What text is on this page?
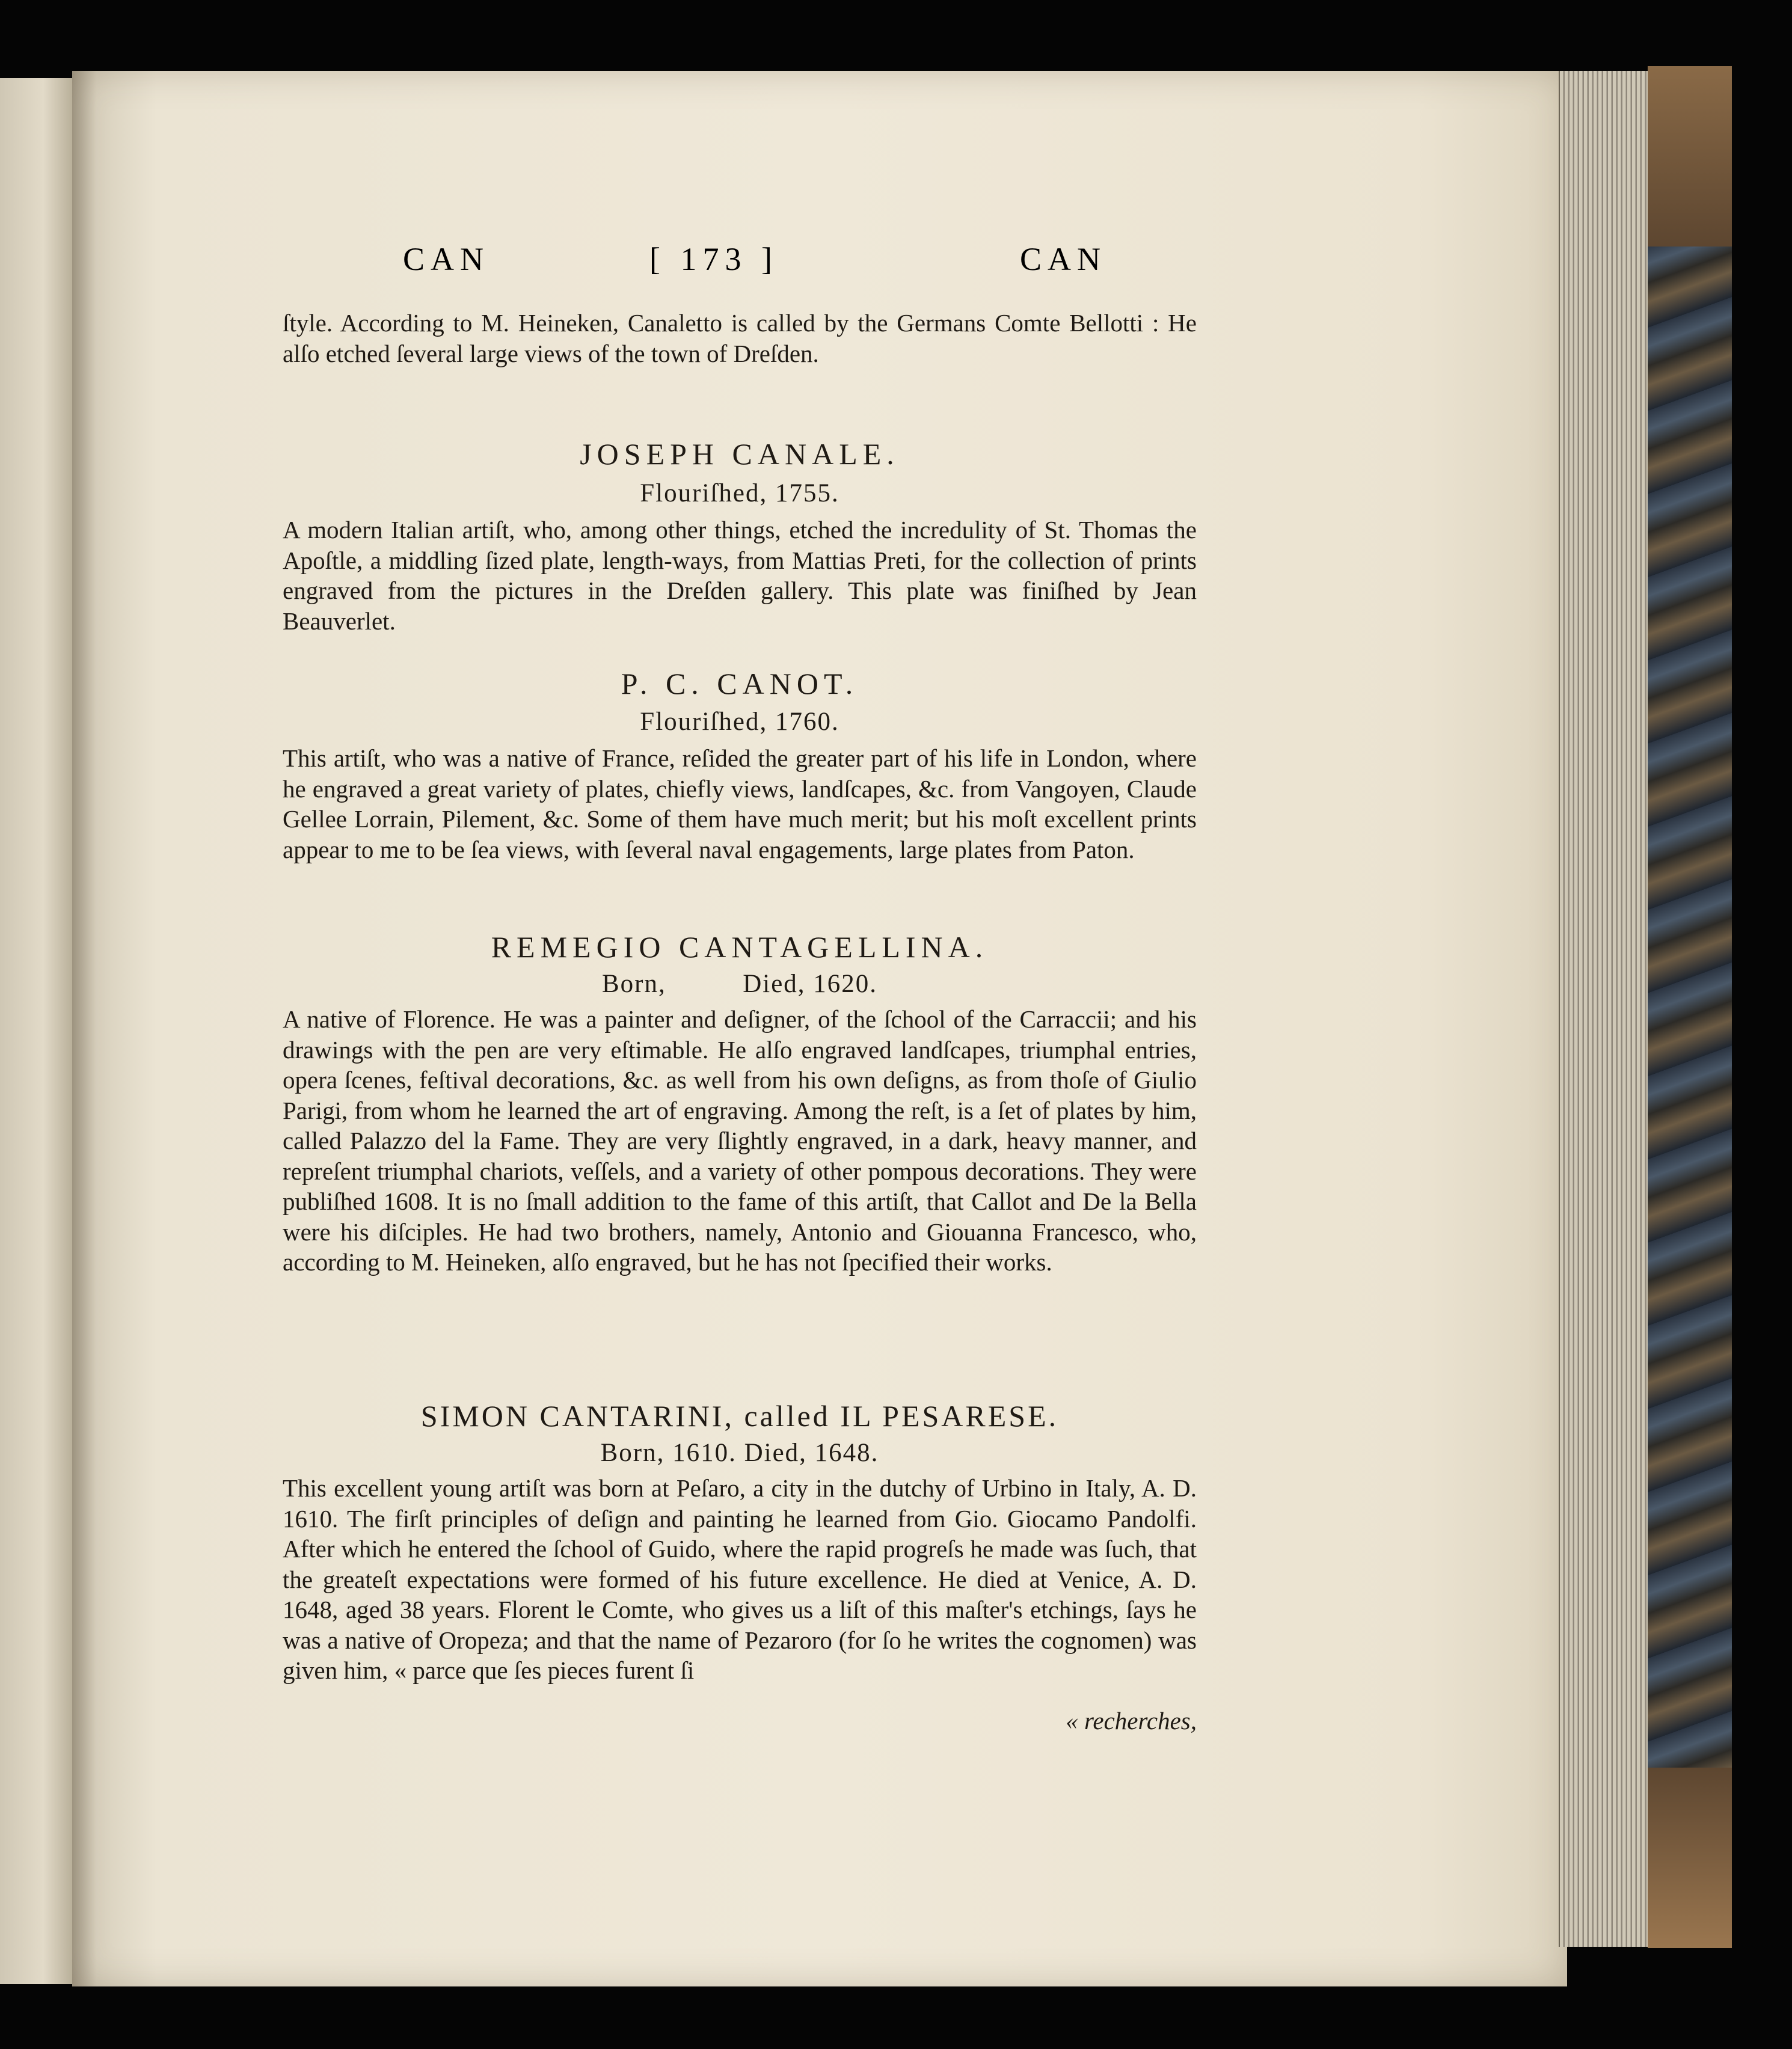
CAN	[ 173 ]	CAN
ſtyle. According to M. Heineken, Canaletto is called by the Germans Comte Bellotti : He alſo etched ſeveral large views of the town of Dreſden.
JOSEPH CANALE.
Flouriſhed, 1755.
A modern Italian artiſt, who, among other things, etched the incredulity of St. Thomas the Apoſtle, a middling ſized plate, length-ways, from Mattias Preti, for the collection of prints engraved from the pictures in the Dreſden gallery. This plate was finiſhed by Jean Beauverlet.
P. C. CANOT.
Flouriſhed, 1760.
This artiſt, who was a native of France, reſided the greater part of his life in London, where he engraved a great variety of plates, chiefly views, landſcapes, &c. from Vangoyen, Claude Gellee Lorrain, Pilement, &c. Some of them have much merit; but his moſt excellent prints appear to me to be ſea views, with ſeveral naval engagements, large plates from Paton.
REMEGIO CANTAGELLINA.
Born,          Died, 1620.
A native of Florence. He was a painter and deſigner, of the ſchool of the Carraccii; and his drawings with the pen are very eſtimable. He alſo engraved landſcapes, triumphal entries, opera ſcenes, feſtival decorations, &c. as well from his own deſigns, as from thoſe of Giulio Parigi, from whom he learned the art of engraving. Among the reſt, is a ſet of plates by him, called Palazzo del la Fame. They are very ſlightly engraved, in a dark, heavy manner, and repreſent triumphal chariots, veſſels, and a variety of other pompous decorations. They were publiſhed 1608. It is no ſmall addition to the fame of this artiſt, that Callot and De la Bella were his diſciples. He had two brothers, namely, Antonio and Giouanna Francesco, who, according to M. Heineken, alſo engraved, but he has not ſpecified their works.
SIMON CANTARINI, called IL PESARESE.
Born, 1610. Died, 1648.
This excellent young artiſt was born at Peſaro, a city in the dutchy of Urbino in Italy, A. D. 1610. The firſt principles of deſign and painting he learned from Gio. Giocamo Pandolfi. After which he entered the ſchool of Guido, where the rapid progreſs he made was ſuch, that the greateſt expectations were formed of his future excellence. He died at Venice, A. D. 1648, aged 38 years. Florent le Comte, who gives us a liſt of this maſter's etchings, ſays he was a native of Oropeza; and that the name of Pezaroro (for ſo he writes the cognomen) was given him, « parce que ſes pieces furent ſi
« recherches,
